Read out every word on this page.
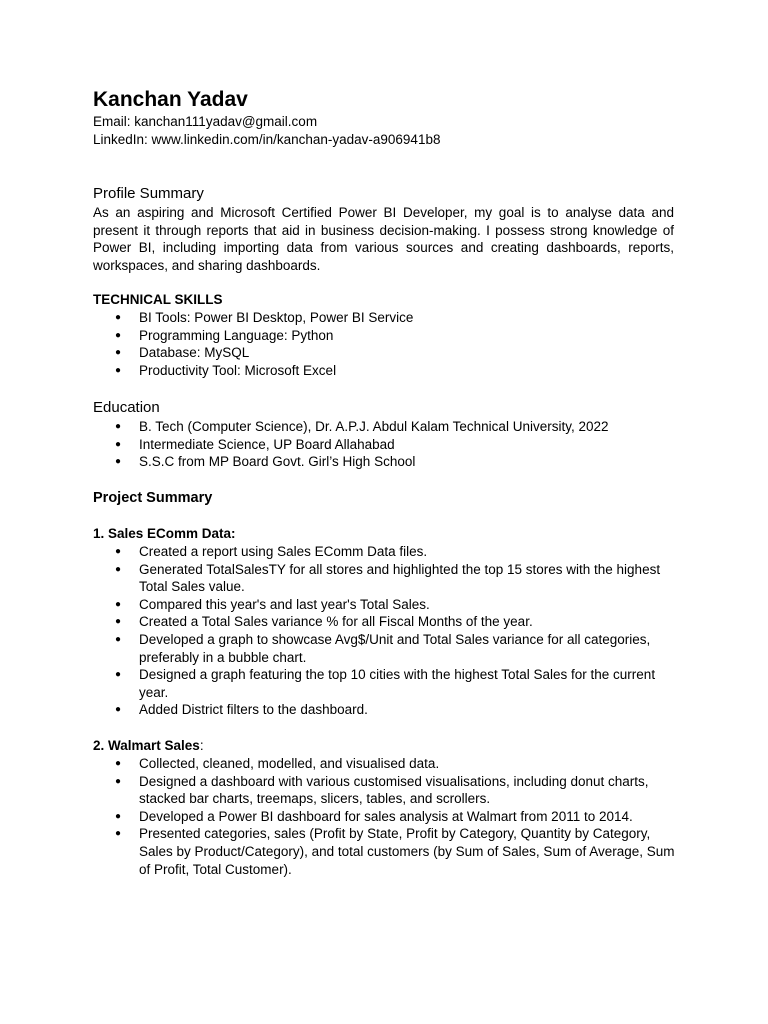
Kanchan Yadav
Email: kanchan111yadav@gmail.com
LinkedIn: www.linkedin.com/in/kanchan-yadav-a906941b8
Profile Summary

As an aspiring and Microsoft Certified Power BI Developer, my goal is to analyse data and present it through reports that aid in business decision-making. I possess strong knowledge of Power BI, including importing data from various sources and creating dashboards, reports, workspaces, and sharing dashboards.

TECHNICAL SKILLS
● BI Tools: Power BI Desktop, Power BI Service
● Programming Language: Python
● Database: MySQL
● Productivity Tool: Microsoft Excel
Education
● B. Tech (Computer Science), Dr. A.P.J. Abdul Kalam Technical University, 2022
● Intermediate Science, UP Board Allahabad
● S.S.C from MP Board Govt. Girl’s High School
Project Summary
1. Sales EComm Data:
● Created a report using Sales EComm Data files.
● Generated TotalSalesTY for all stores and highlighted the top 15 stores with the highest Total Sales value.
● Compared this year's and last year's Total Sales.
● Created a Total Sales variance % for all Fiscal Months of the year.
● Developed a graph to showcase Avg$/Unit and Total Sales variance for all categories, preferably in a bubble chart.
● Designed a graph featuring the top 10 cities with the highest Total Sales for the current year.
● Added District filters to the dashboard.
2. Walmart Sales:
● Collected, cleaned, modelled, and visualised data.
● Designed a dashboard with various customised visualisations, including donut charts, stacked bar charts, treemaps, slicers, tables, and scrollers.
● Developed a Power BI dashboard for sales analysis at Walmart from 2011 to 2014.
● Presented categories, sales (Profit by State, Profit by Category, Quantity by Category, Sales by Product/Category), and total customers (by Sum of Sales, Sum of Average, Sum of Profit, Total Customer).
